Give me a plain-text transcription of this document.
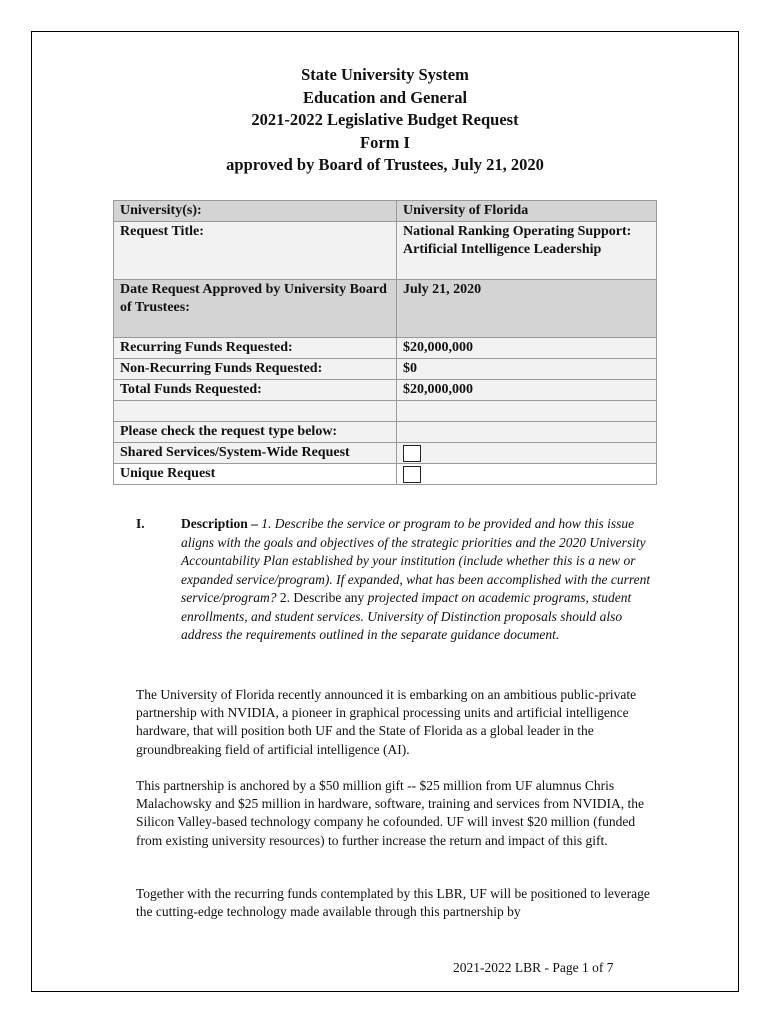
State University System
Education and General
2021-2022 Legislative Budget Request
Form I
approved by Board of Trustees, July 21, 2020
University(s):	University of Florida
Request Title:	National Ranking Operating Support: Artificial Intelligence Leadership
Date Request Approved by University Board of Trustees:	July 21, 2020
Recurring Funds Requested:	$20,000,000
Non-Recurring Funds Requested:	$0
Total Funds Requested:	$20,000,000

Please check the request type below:	
Shared Services/System-Wide Request	
Unique Request	
I.	Description – 1. Describe the service or program to be provided and how this issue aligns with the goals and objectives of the strategic priorities and the 2020 University Accountability Plan established by your institution (include whether this is a new or expanded service/program). If expanded, what has been accomplished with the current service/program? 2. Describe any projected impact on academic programs, student enrollments, and student services. University of Distinction proposals should also address the requirements outlined in the separate guidance document.
The University of Florida recently announced it is embarking on an ambitious public-private partnership with NVIDIA, a pioneer in graphical processing units and artificial intelligence hardware, that will position both UF and the State of Florida as a global leader in the groundbreaking field of artificial intelligence (AI).
This partnership is anchored by a $50 million gift -- $25 million from UF alumnus Chris Malachowsky and $25 million in hardware, software, training and services from NVIDIA, the Silicon Valley-based technology company he cofounded. UF will invest $20 million (funded from existing university resources) to further increase the return and impact of this gift.
Together with the recurring funds contemplated by this LBR, UF will be positioned to leverage the cutting-edge technology made available through this partnership by
2021-2022 LBR - Page 1 of 7
